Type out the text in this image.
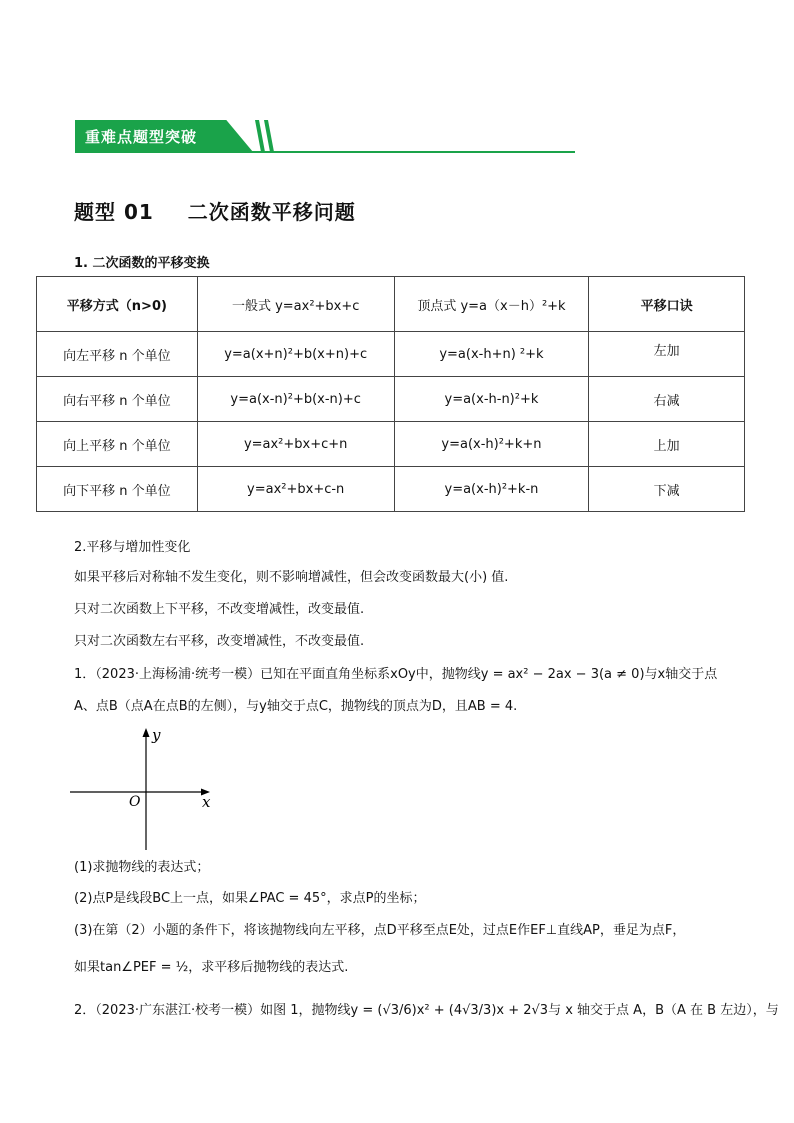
重难点题型突破
题型 01 二次函数平移问题
1. 二次函数的平移变换
平移方式（n>0)	一般式 y=ax²+bx+c	顶点式 y=a（x－h）²+k	平移口诀
向左平移 n 个单位	y=a(x+n)²+b(x+n)+c	y=a(x-h+n) ²+k	左加
向右平移 n 个单位	y=a(x-n)²+b(x-n)+c	y=a(x-h-n)²+k	右减
向上平移 n 个单位	y=ax²+bx+c+n	y=a(x-h)²+k+n	上加
向下平移 n 个单位	y=ax²+bx+c-n	y=a(x-h)²+k-n	下减
2.平移与增加性变化
如果平移后对称轴不发生变化，则不影响增减性，但会改变函数最大(小) 值.
只对二次函数上下平移，不改变增减性，改变最值.
只对二次函数左右平移，改变增减性，不改变最值.
1．（2023·上海杨浦·统考一模）已知在平面直角坐标系xOy中，抛物线y = ax² − 2ax − 3(a ≠ 0)与x轴交于点
A、点B（点A在点B的左侧），与y轴交于点C，抛物线的顶点为D，且AB = 4.
y
x
O
(1)求抛物线的表达式；
(2)点P是线段BC上一点，如果∠PAC = 45°，求点P的坐标；
(3)在第（2）小题的条件下，将该抛物线向左平移，点D平移至点E处，过点E作EF⊥直线AP，垂足为点F，
如果tan∠PEF = ½，求平移后抛物线的表达式.
2．（2023·广东湛江·校考一模）如图 1，抛物线y = (√3/6)x² + (4√3/3)x + 2√3与 x 轴交于点 A，B（A 在 B 左边），与
